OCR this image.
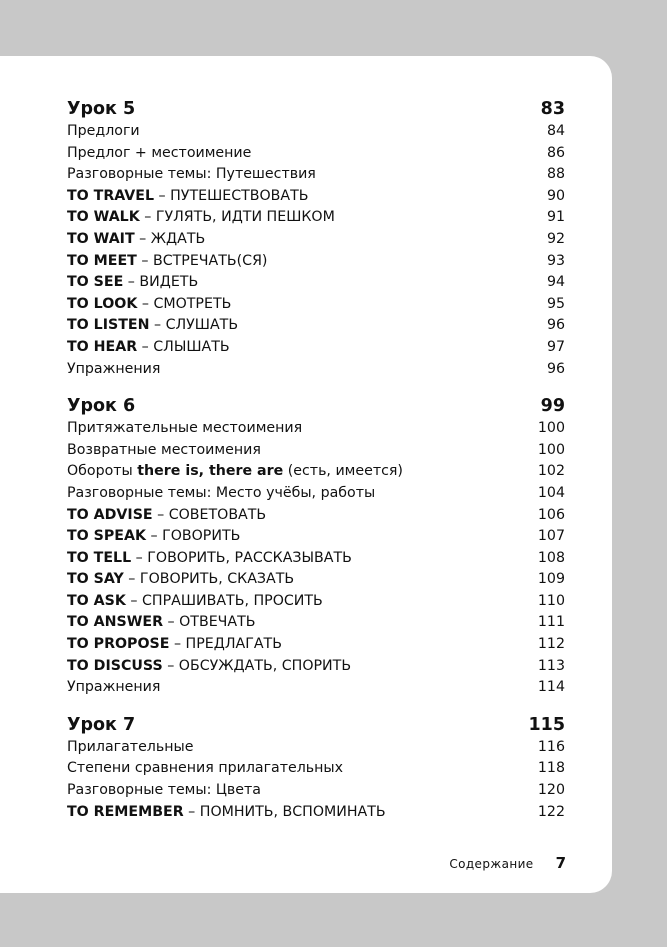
Урок 5	83
Предлоги	84
Предлог + местоимение	86
Разговорные темы: Путешествия	88
TO TRAVEL – ПУТЕШЕСТВОВАТЬ	90
TO WALK – ГУЛЯТЬ, ИДТИ ПЕШКОМ	91
TO WAIT – ЖДАТЬ	92
TO MEET – ВСТРЕЧАТЬ(СЯ)	93
TO SEE – ВИДЕТЬ	94
TO LOOK – СМОТРЕТЬ	95
TO LISTEN – СЛУШАТЬ	96
TO HEAR – СЛЫШАТЬ	97
Упражнения	96
Урок 6	99
Притяжательные местоимения	100
Возвратные местоимения	100
Обороты there is, there are (есть, имеется)	102
Разговорные темы: Место учёбы, работы	104
TO ADVISE – СОВЕТОВАТЬ	106
TO SPEAK – ГОВОРИТЬ	107
TO TELL – ГОВОРИТЬ, РАССКАЗЫВАТЬ	108
TO SAY – ГОВОРИТЬ, СКАЗАТЬ	109
TO ASK – СПРАШИВАТЬ, ПРОСИТЬ	110
TO ANSWER – ОТВЕЧАТЬ	111
TO PROPOSE – ПРЕДЛАГАТЬ	112
TO DISCUSS – ОБСУЖДАТЬ, СПОРИТЬ	113
Упражнения	114
Урок 7	115
Прилагательные	116
Степени сравнения прилагательных	118
Разговорные темы: Цвета	120
TO REMEMBER – ПОМНИТЬ, ВСПОМИНАТЬ	122
Содержание 7
